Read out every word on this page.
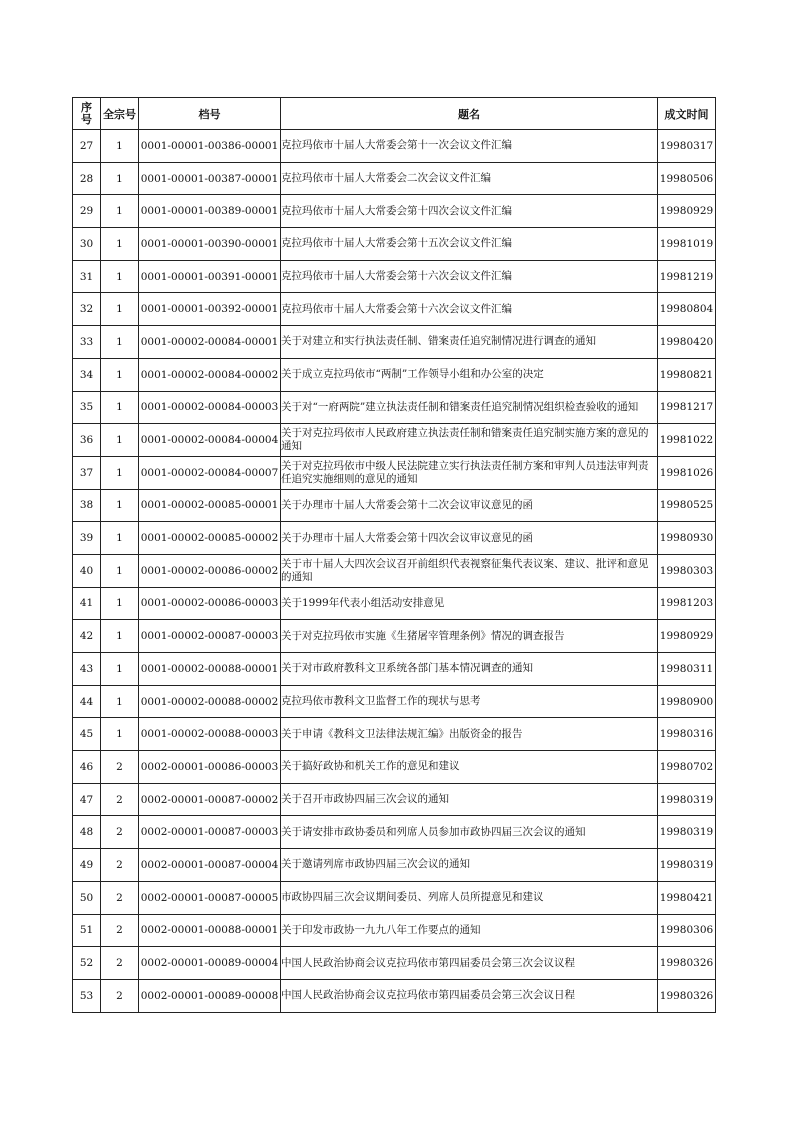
序
号	全宗号	档号	题名	成文时间
27	1	0001-00001-00386-00001	克拉玛依市十届人大常委会第十一次会议文件汇编	19980317
28	1	0001-00001-00387-00001	克拉玛依市十届人大常委会二次会议文件汇编	19980506
29	1	0001-00001-00389-00001	克拉玛依市十届人大常委会第十四次会议文件汇编	19980929
30	1	0001-00001-00390-00001	克拉玛依市十届人大常委会第十五次会议文件汇编	19981019
31	1	0001-00001-00391-00001	克拉玛依市十届人大常委会第十六次会议文件汇编	19981219
32	1	0001-00001-00392-00001	克拉玛依市十届人大常委会第十六次会议文件汇编	19980804
33	1	0001-00002-00084-00001	关于对建立和实行执法责任制、错案责任追究制情况进行调查的通知	19980420
34	1	0001-00002-00084-00002	关于成立克拉玛依市“两制”工作领导小组和办公室的决定	19980821
35	1	0001-00002-00084-00003	关于对“一府两院”建立执法责任制和错案责任追究制情况组织检查验收的通知	19981217
36	1	0001-00002-00084-00004	关于对克拉玛依市人民政府建立执法责任制和错案责任追究制实施方案的意见的通知	19981022
37	1	0001-00002-00084-00007	关于对克拉玛依市中级人民法院建立实行执法责任制方案和审判人员违法审判责任追究实施细则的意见的通知	19981026
38	1	0001-00002-00085-00001	关于办理市十届人大常委会第十二次会议审议意见的函	19980525
39	1	0001-00002-00085-00002	关于办理市十届人大常委会第十四次会议审议意见的函	19980930
40	1	0001-00002-00086-00002	关于市十届人大四次会议召开前组织代表视察征集代表议案、建议、批评和意见的通知	19980303
41	1	0001-00002-00086-00003	关于1999年代表小组活动安排意见	19981203
42	1	0001-00002-00087-00003	关于对克拉玛依市实施《生猪屠宰管理条例》情况的调查报告	19980929
43	1	0001-00002-00088-00001	关于对市政府教科文卫系统各部门基本情况调查的通知	19980311
44	1	0001-00002-00088-00002	克拉玛依市教科文卫监督工作的现状与思考	19980900
45	1	0001-00002-00088-00003	关于申请《教科文卫法律法规汇编》出版资金的报告	19980316
46	2	0002-00001-00086-00003	关于搞好政协和机关工作的意见和建议	19980702
47	2	0002-00001-00087-00002	关于召开市政协四届三次会议的通知	19980319
48	2	0002-00001-00087-00003	关于请安排市政协委员和列席人员参加市政协四届三次会议的通知	19980319
49	2	0002-00001-00087-00004	关于邀请列席市政协四届三次会议的通知	19980319
50	2	0002-00001-00087-00005	市政协四届三次会议期间委员、列席人员所提意见和建议	19980421
51	2	0002-00001-00088-00001	关于印发市政协一九九八年工作要点的通知	19980306
52	2	0002-00001-00089-00004	中国人民政治协商会议克拉玛依市第四届委员会第三次会议议程	19980326
53	2	0002-00001-00089-00008	中国人民政治协商会议克拉玛依市第四届委员会第三次会议日程	19980326
